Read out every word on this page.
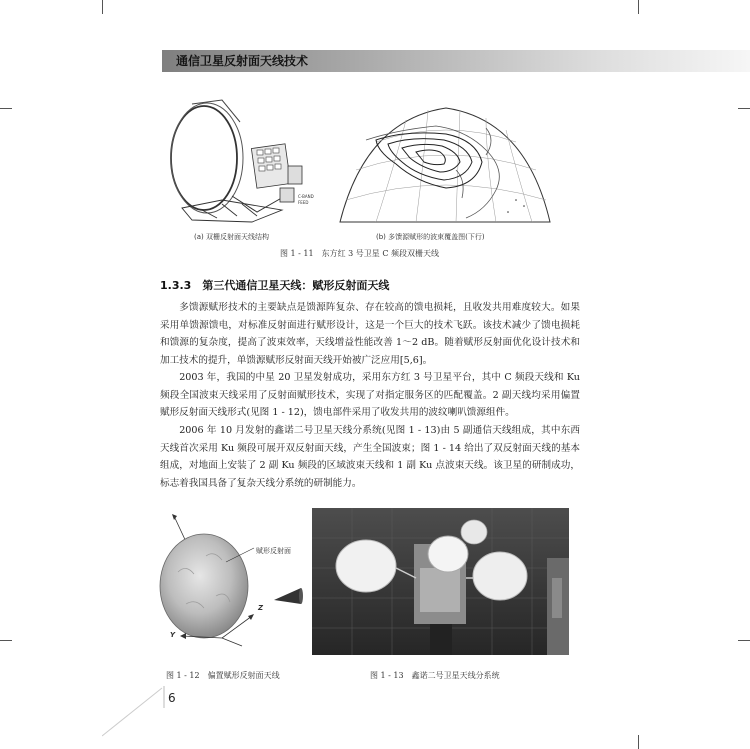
通信卫星反射面天线技术
C-BAND
FEED
(a) 双栅反射面天线结构	(b) 多馈源赋形的波束覆盖图(下行)
图 1 - 11　东方红 3 号卫星 C 频段双栅天线
1.3.3　第三代通信卫星天线：赋形反射面天线

多馈源赋形技术的主要缺点是馈源阵复杂、存在较高的馈电损耗，且收发共用难度较大。如果采用单馈源馈电，对标准反射面进行赋形设计，这是一个巨大的技术飞跃。该技术减少了馈电损耗和馈源的复杂度，提高了波束效率，天线增益性能改善 1～2 dB。随着赋形反射面优化设计技术和加工技术的提升，单馈源赋形反射面天线开始被广泛应用[5,6]。

2003 年，我国的中星 20 卫星发射成功，采用东方红 3 号卫星平台，其中 C 频段天线和 Ku 频段全国波束天线采用了反射面赋形技术，实现了对指定服务区的匹配覆盖。2 副天线均采用偏置赋形反射面天线形式(见图 1 - 12)，馈电部件采用了收发共用的波纹喇叭馈源组件。

2006 年 10 月发射的鑫诺二号卫星天线分系统(见图 1 - 13)由 5 副通信天线组成，其中东西天线首次采用 Ku 频段可展开双反射面天线，产生全国波束；图 1 - 14 给出了双反射面天线的基本组成，对地面上安装了 2 副 Ku 频段的区域波束天线和 1 副 Ku 点波束天线。该卫星的研制成功，标志着我国具备了复杂天线分系统的研制能力。

赋形反射面
Z
Y
图 1 - 12　偏置赋形反射面天线	图 1 - 13　鑫诺二号卫星天线分系统
6
